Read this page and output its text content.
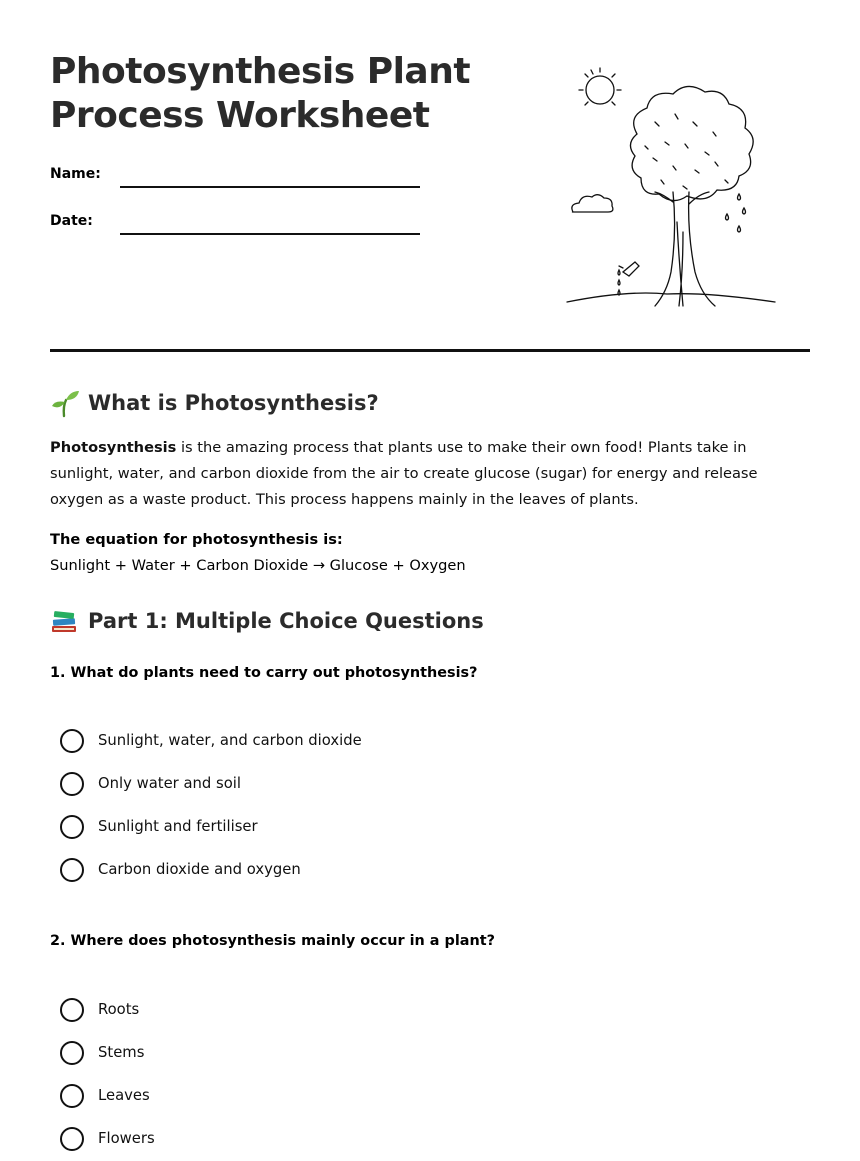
Photosynthesis Plant Process Worksheet
Name:
Date:
What is Photosynthesis?

Photosynthesis is the amazing process that plants use to make their own food! Plants take in sunlight, water, and carbon dioxide from the air to create glucose (sugar) for energy and release oxygen as a waste product. This process happens mainly in the leaves of plants.

The equation for photosynthesis is:
Sunlight + Water + Carbon Dioxide → Glucose + Oxygen
Part 1: Multiple Choice Questions
1. What do plants need to carry out photosynthesis?
Sunlight, water, and carbon dioxide
Only water and soil
Sunlight and fertiliser
Carbon dioxide and oxygen
2. Where does photosynthesis mainly occur in a plant?
Roots
Stems
Leaves
Flowers
